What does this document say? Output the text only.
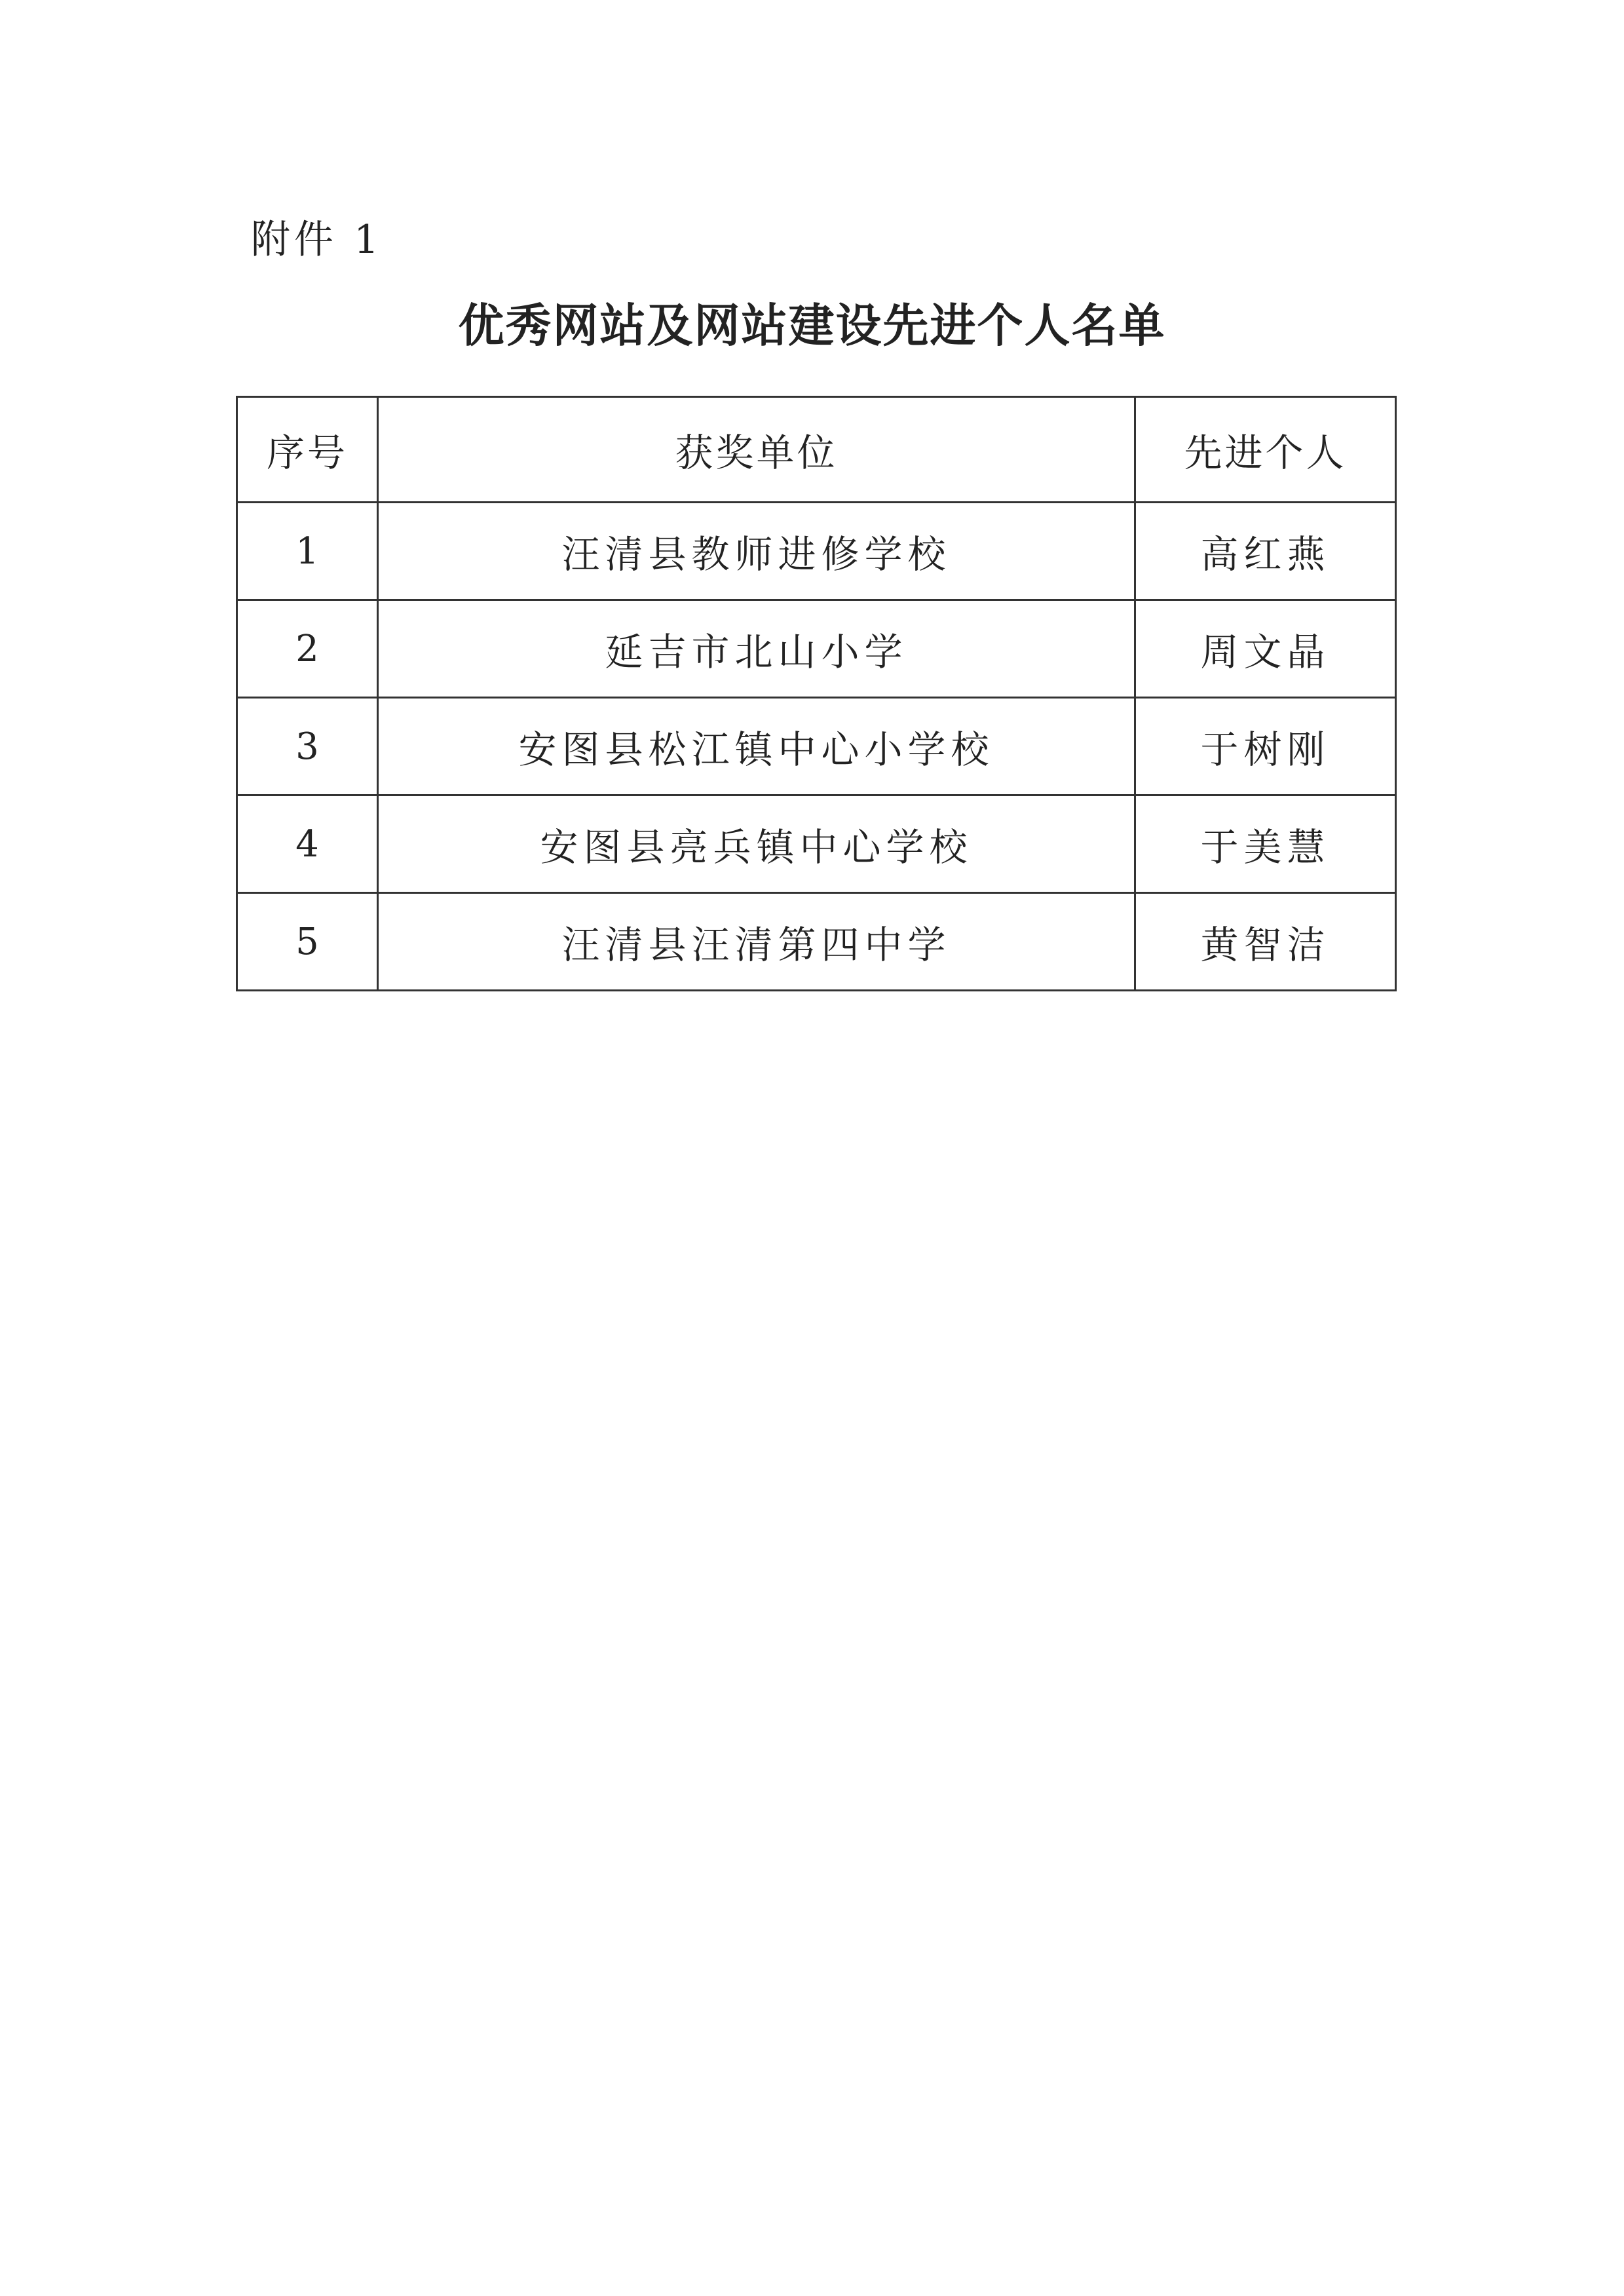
附件 1
优秀网站及网站建设先进个人名单
序号	获奖单位	先进个人
1	汪清县教师进修学校	高红燕
2	延吉市北山小学	周文晶
3	安图县松江镇中心小学校	于树刚
4	安图县亮兵镇中心学校	于美慧
5	汪清县汪清第四中学	黄智洁
